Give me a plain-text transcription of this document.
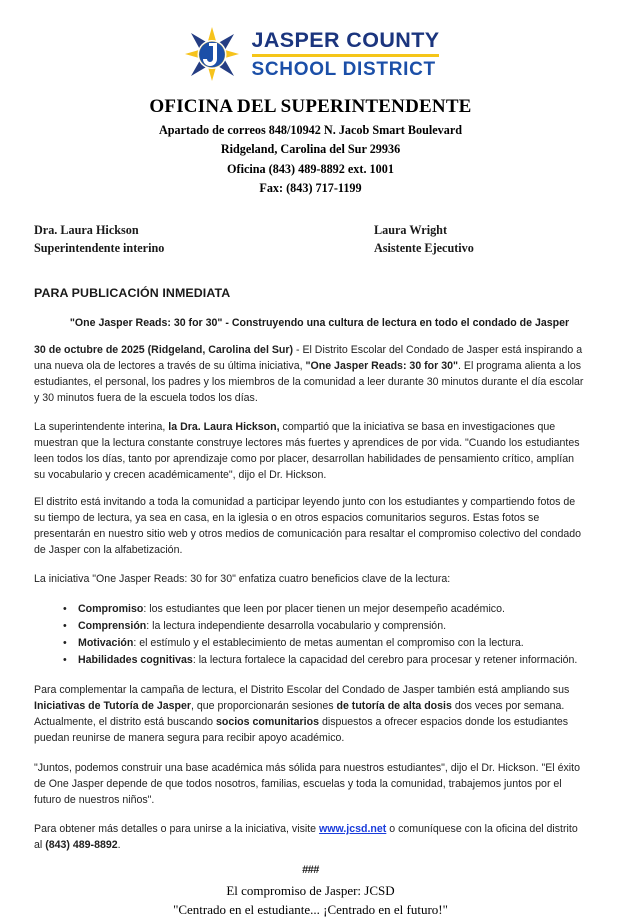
JASPER COUNTY
SCHOOL DISTRICT
OFICINA DEL SUPERINTENDENTE
Apartado de correos 848/10942 N. Jacob Smart Boulevard
Ridgeland, Carolina del Sur 29936
Oficina (843) 489-8892 ext. 1001
Fax: (843) 717-1199
Dra. Laura Hickson
Superintendente interino
Laura Wright
Asistente Ejecutivo
PARA PUBLICACIÓN INMEDIATA
"One Jasper Reads: 30 for 30" - Construyendo una cultura de lectura en todo el condado de Jasper

30 de octubre de 2025 (Ridgeland, Carolina del Sur) - El Distrito Escolar del Condado de Jasper está inspirando a una nueva ola de lectores a través de su última iniciativa, "One Jasper Reads: 30 for 30". El programa alienta a los estudiantes, el personal, los padres y los miembros de la comunidad a leer durante 30 minutos durante el día escolar y 30 minutos fuera de la escuela todos los días.

La superintendente interina, la Dra. Laura Hickson, compartió que la iniciativa se basa en investigaciones que muestran que la lectura constante construye lectores más fuertes y aprendices de por vida. "Cuando los estudiantes leen todos los días, tanto por aprendizaje como por placer, desarrollan habilidades de pensamiento crítico, amplían su vocabulario y crecen académicamente", dijo el Dr. Hickson.

El distrito está invitando a toda la comunidad a participar leyendo junto con los estudiantes y compartiendo fotos de su tiempo de lectura, ya sea en casa, en la iglesia o en otros espacios comunitarios seguros. Estas fotos se presentarán en nuestro sitio web y otros medios de comunicación para resaltar el compromiso colectivo del condado de Jasper con la alfabetización.

La iniciativa "One Jasper Reads: 30 for 30" enfatiza cuatro beneficios clave de la lectura:

• Compromiso: los estudiantes que leen por placer tienen un mejor desempeño académico.
• Comprensión: la lectura independiente desarrolla vocabulario y comprensión.
• Motivación: el estímulo y el establecimiento de metas aumentan el compromiso con la lectura.
• Habilidades cognitivas: la lectura fortalece la capacidad del cerebro para procesar y retener información.

Para complementar la campaña de lectura, el Distrito Escolar del Condado de Jasper también está ampliando sus Iniciativas de Tutoría de Jasper, que proporcionarán sesiones de tutoría de alta dosis dos veces por semana. Actualmente, el distrito está buscando socios comunitarios dispuestos a ofrecer espacios donde los estudiantes puedan reunirse de manera segura para recibir apoyo académico.

"Juntos, podemos construir una base académica más sólida para nuestros estudiantes", dijo el Dr. Hickson. "El éxito de One Jasper depende de que todos nosotros, familias, escuelas y toda la comunidad, trabajemos juntos por el futuro de nuestros niños".

Para obtener más detalles o para unirse a la iniciativa, visite www.jcsd.net o comuníquese con la oficina del distrito al (843) 489-8892.

###
El compromiso de Jasper: JCSD
"Centrado en el estudiante... ¡Centrado en el futuro!"
